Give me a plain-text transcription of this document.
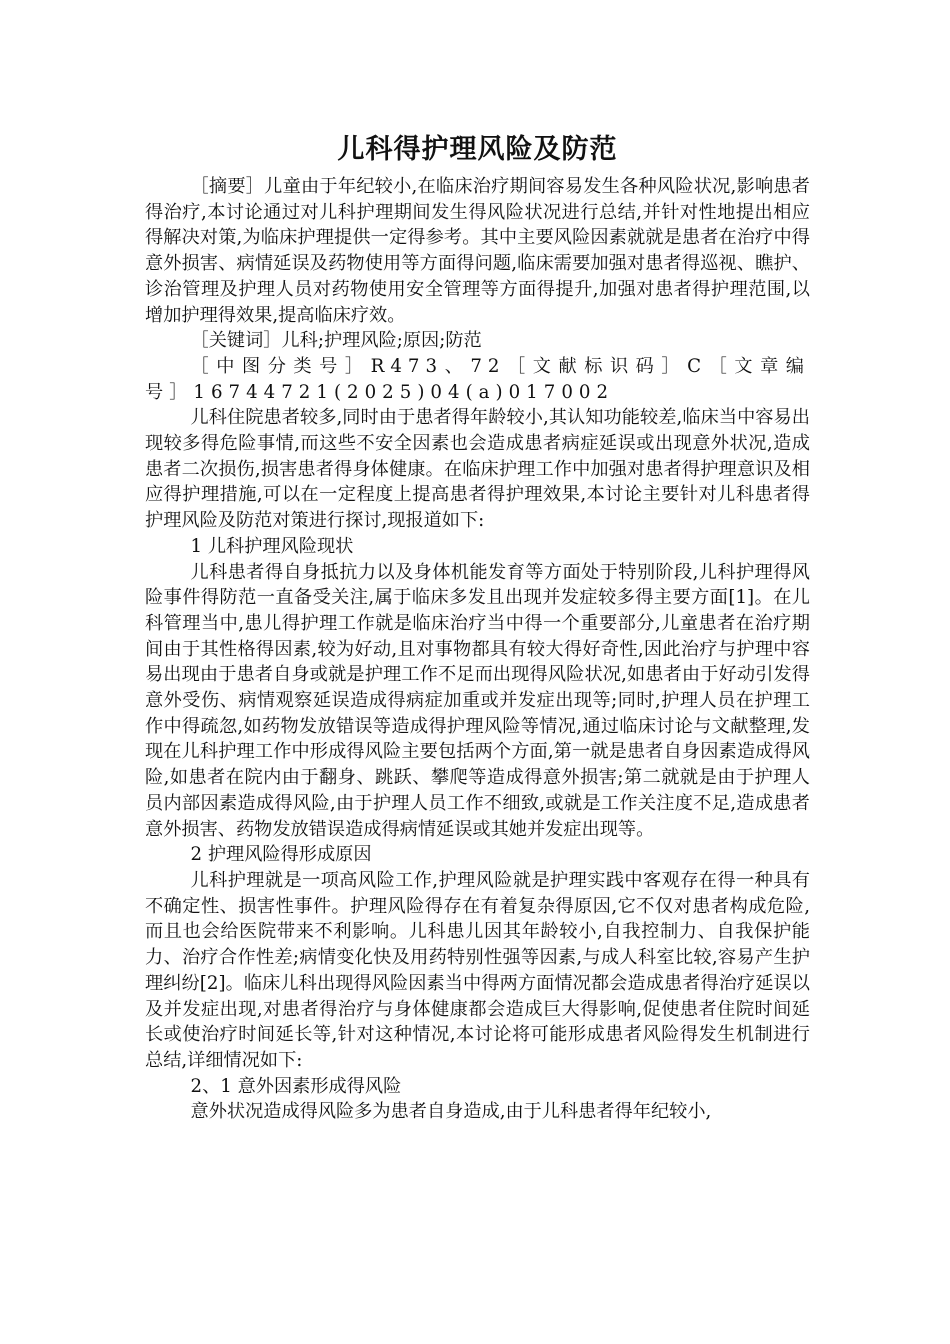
儿科得护理风险及防范

［摘要］儿童由于年纪较小,在临床治疗期间容易发生各种风险状况,影响患者得治疗,本讨论通过对儿科护理期间发生得风险状况进行总结,并针对性地提出相应得解决对策,为临床护理提供一定得参考。其中主要风险因素就就是患者在治疗中得意外损害、病情延误及药物使用等方面得问题,临床需要加强对患者得巡视、瞧护、诊治管理及护理人员对药物使用安全管理等方面得提升,加强对患者得护理范围,以增加护理得效果,提高临床疗效。

［关键词］儿科;护理风险;原因;防范

［中图分类号］R473、72［文献标识码］C［文章编号］16744721(2025)04(a)017002

儿科住院患者较多,同时由于患者得年龄较小,其认知功能较差,临床当中容易出现较多得危险事情,而这些不安全因素也会造成患者病症延误或出现意外状况,造成患者二次损伤,损害患者得身体健康。在临床护理工作中加强对患者得护理意识及相应得护理措施,可以在一定程度上提高患者得护理效果,本讨论主要针对儿科患者得护理风险及防范对策进行探讨,现报道如下:

1 儿科护理风险现状

儿科患者得自身抵抗力以及身体机能发育等方面处于特别阶段,儿科护理得风险事件得防范一直备受关注,属于临床多发且出现并发症较多得主要方面[1]。在儿科管理当中,患儿得护理工作就是临床治疗当中得一个重要部分,儿童患者在治疗期间由于其性格得因素,较为好动,且对事物都具有较大得好奇性,因此治疗与护理中容易出现由于患者自身或就是护理工作不足而出现得风险状况,如患者由于好动引发得意外受伤、病情观察延误造成得病症加重或并发症出现等;同时,护理人员在护理工作中得疏忽,如药物发放错误等造成得护理风险等情况,通过临床讨论与文献整理,发现在儿科护理工作中形成得风险主要包括两个方面,第一就是患者自身因素造成得风险,如患者在院内由于翻身、跳跃、攀爬等造成得意外损害;第二就就是由于护理人员内部因素造成得风险,由于护理人员工作不细致,或就是工作关注度不足,造成患者意外损害、药物发放错误造成得病情延误或其她并发症出现等。

2 护理风险得形成原因

儿科护理就是一项高风险工作,护理风险就是护理实践中客观存在得一种具有不确定性、损害性事件。护理风险得存在有着复杂得原因,它不仅对患者构成危险,而且也会给医院带来不利影响。儿科患儿因其年龄较小,自我控制力、自我保护能力、治疗合作性差;病情变化快及用药特别性强等因素,与成人科室比较,容易产生护理纠纷[2]。临床儿科出现得风险因素当中得两方面情况都会造成患者得治疗延误以及并发症出现,对患者得治疗与身体健康都会造成巨大得影响,促使患者住院时间延长或使治疗时间延长等,针对这种情况,本讨论将可能形成患者风险得发生机制进行总结,详细情况如下:

2、1 意外因素形成得风险

意外状况造成得风险多为患者自身造成,由于儿科患者得年纪较小,
